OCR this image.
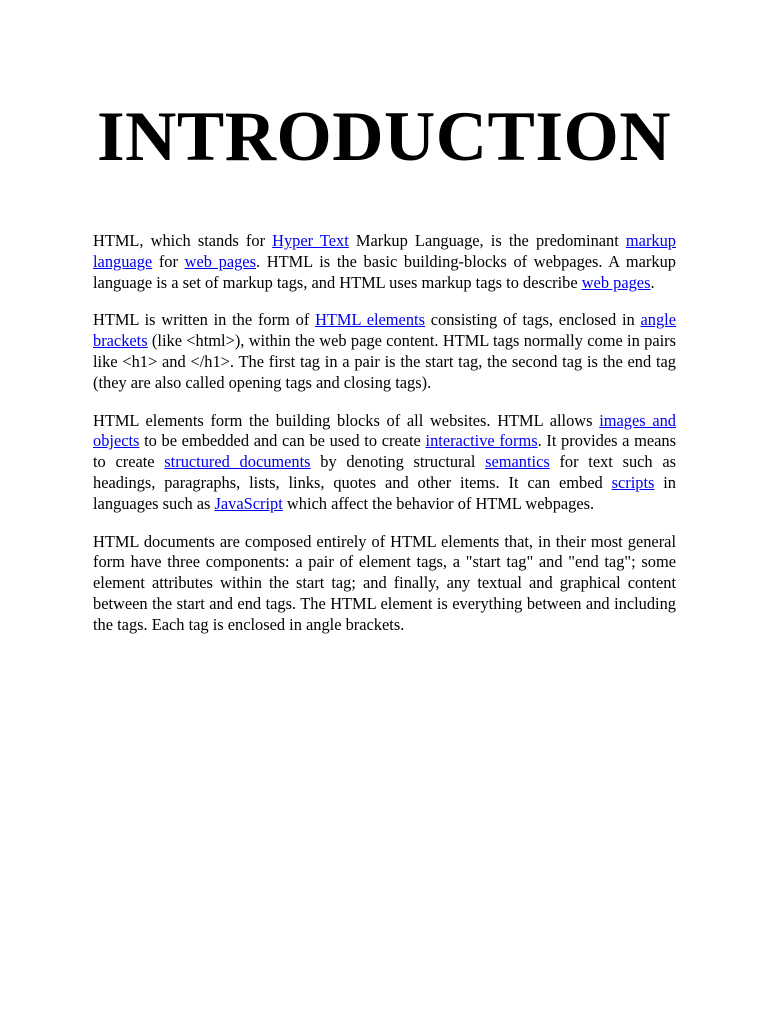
INTRODUCTION

HTML, which stands for Hyper Text Markup Language, is the predominant markup language for web pages. HTML is the basic building-blocks of webpages. A markup language is a set of markup tags, and HTML uses markup tags to describe web pages.

HTML is written in the form of HTML elements consisting of tags, enclosed in angle brackets (like <html>), within the web page content. HTML tags normally come in pairs like <h1> and </h1>. The first tag in a pair is the start tag, the second tag is the end tag (they are also called opening tags and closing tags).

HTML elements form the building blocks of all websites. HTML allows images and objects to be embedded and can be used to create interactive forms. It provides a means to create structured documents by denoting structural semantics for text such as headings, paragraphs, lists, links, quotes and other items. It can embed scripts in languages such as JavaScript which affect the behavior of HTML webpages.

HTML documents are composed entirely of HTML elements that, in their most general form have three components: a pair of element tags, a "start tag" and "end tag"; some element attributes within the start tag; and finally, any textual and graphical content between the start and end tags. The HTML element is everything between and including the tags. Each tag is enclosed in angle brackets.
